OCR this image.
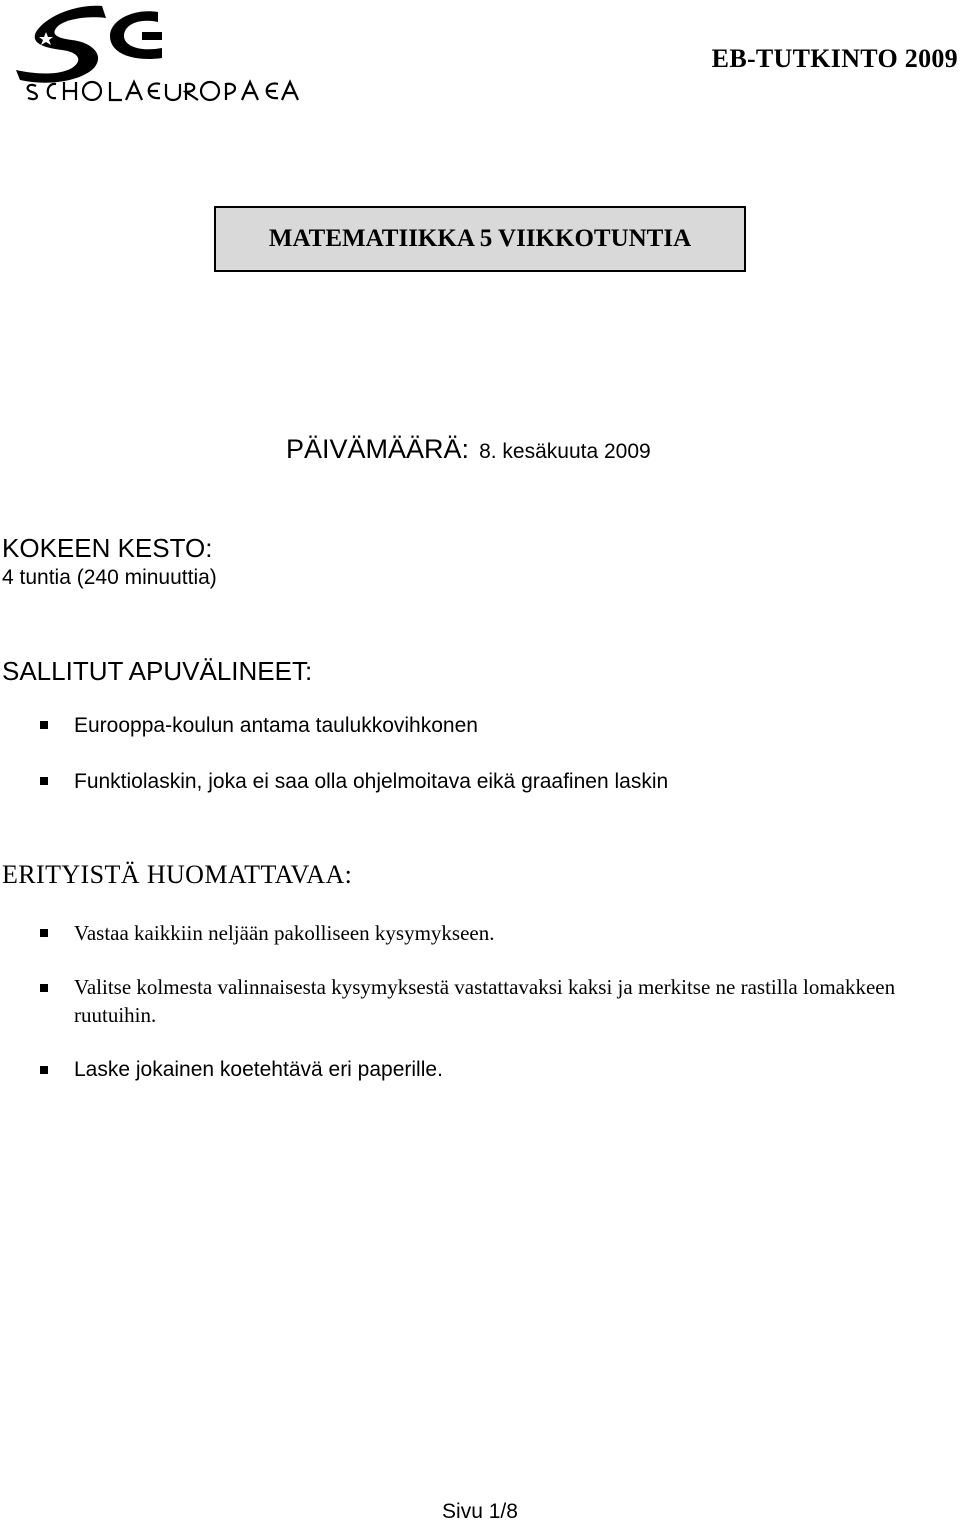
EB-TUTKINTO 2009
MATEMATIIKKA 5 VIIKKOTUNTIA
PÄIVÄMÄÄRÄ: 8. kesäkuuta 2009
KOKEEN KESTO:
4 tuntia (240 minuuttia)
SALLITUT APUVÄLINEET:
Eurooppa-koulun antama taulukkovihkonen
Funktiolaskin, joka ei saa olla ohjelmoitava eikä graafinen laskin
ERITYISTÄ HUOMATTAVAA:
Vastaa kaikkiin neljään pakolliseen kysymykseen.
Valitse kolmesta valinnaisesta kysymyksestä vastattavaksi kaksi ja merkitse ne rastilla lomakkeen ruutuihin.
Laske jokainen koetehtävä eri paperille.
Sivu 1/8
